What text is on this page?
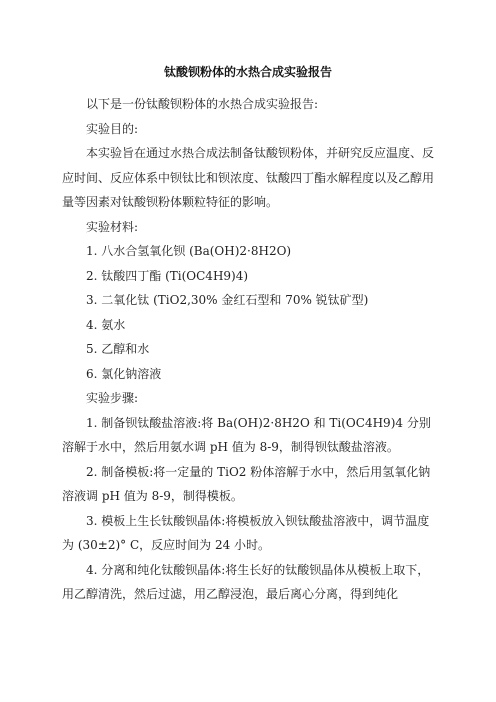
钛酸钡粉体的水热合成实验报告

以下是一份钛酸钡粉体的水热合成实验报告:

实验目的:

本实验旨在通过水热合成法制备钛酸钡粉体，并研究反应温度、反应时间、反应体系中钡钛比和钡浓度、钛酸四丁酯水解程度以及乙醇用量等因素对钛酸钡粉体颗粒特征的影响。

实验材料:

1. 八水合氢氧化钡 (Ba(OH)2·8H2O)

2. 钛酸四丁酯 (Ti(OC4H9)4)

3. 二氧化钛 (TiO2,30% 金红石型和 70% 锐钛矿型)

4. 氨水

5. 乙醇和水

6. 氯化钠溶液

实验步骤:

1. 制备钡钛酸盐溶液:将 Ba(OH)2·8H2O 和 Ti(OC4H9)4 分别溶解于水中，然后用氨水调 pH 值为 8-9，制得钡钛酸盐溶液。

2. 制备模板:将一定量的 TiO2 粉体溶解于水中，然后用氢氧化钠溶液调 pH 值为 8-9，制得模板。

3. 模板上生长钛酸钡晶体:将模板放入钡钛酸盐溶液中，调节温度为 (30±2)° C，反应时间为 24 小时。

4. 分离和纯化钛酸钡晶体:将生长好的钛酸钡晶体从模板上取下，用乙醇清洗，然后过滤，用乙醇浸泡，最后离心分离，得到纯化
